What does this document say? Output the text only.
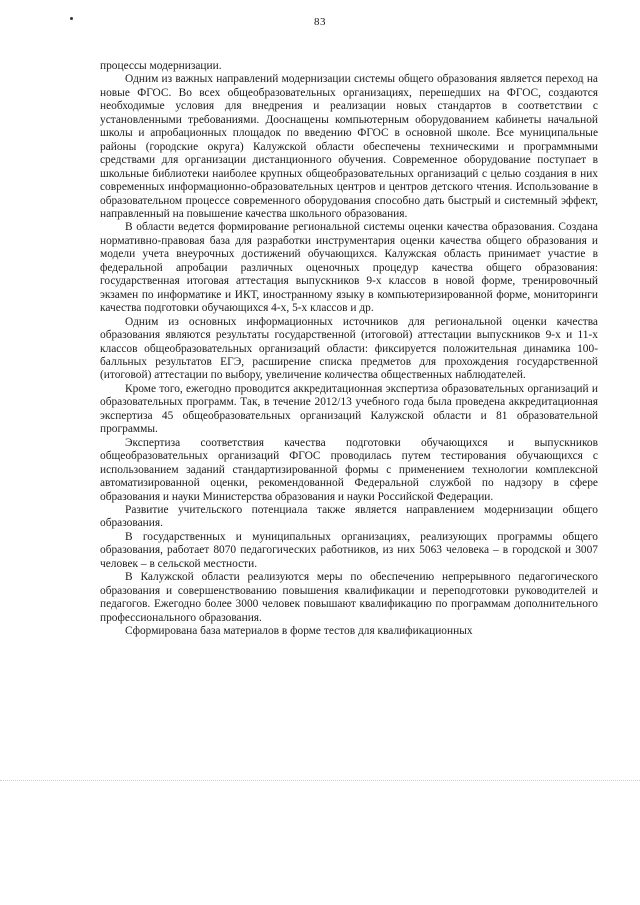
83

процессы модернизации.

Одним из важных направлений модернизации системы общего образования является переход на новые ФГОС. Во всех общеобразовательных организациях, перешедших на ФГОС, создаются необходимые условия для внедрения и реализации новых стандартов в соответствии с установленными требованиями. Дооснащены компьютерным оборудованием кабинеты начальной школы и апробационных площадок по введению ФГОС в основной школе. Все муниципальные районы (городские округа) Калужской области обеспечены техническими и программными средствами для организации дистанционного обучения. Современное оборудование поступает в школьные библиотеки наиболее крупных общеобразовательных организаций с целью создания в них современных информационно-образовательных центров и центров детского чтения. Использование в образовательном процессе современного оборудования способно дать быстрый и системный эффект, направленный на повышение качества школьного образования.

В области ведется формирование региональной системы оценки качества образования. Создана нормативно-правовая база для разработки инструментария оценки качества общего образования и модели учета внеурочных достижений обучающихся. Калужская область принимает участие в федеральной апробации различных оценочных процедур качества общего образования: государственная итоговая аттестация выпускников 9-х классов в новой форме, тренировочный экзамен по информатике и ИКТ, иностранному языку в компьютеризированной форме, мониторинги качества подготовки обучающихся 4-х, 5-х классов и др.

Одним из основных информационных источников для региональной оценки качества образования являются результаты государственной (итоговой) аттестации выпускников 9-х и 11-х классов общеобразовательных организаций области: фиксируется положительная динамика 100-балльных результатов ЕГЭ, расширение списка предметов для прохождения государственной (итоговой) аттестации по выбору, увеличение количества общественных наблюдателей.

Кроме того, ежегодно проводится аккредитационная экспертиза образовательных организаций и образовательных программ. Так, в течение 2012/13 учебного года была проведена аккредитационная экспертиза 45 общеобразовательных организаций Калужской области и 81 образовательной программы.

Экспертиза соответствия качества подготовки обучающихся и выпускников общеобразовательных организаций ФГОС проводилась путем тестирования обучающихся с использованием заданий стандартизированной формы с применением технологии комплексной автоматизированной оценки, рекомендованной Федеральной службой по надзору в сфере образования и науки Министерства образования и науки Российской Федерации.

Развитие учительского потенциала также является направлением модернизации общего образования.

В государственных и муниципальных организациях, реализующих программы общего образования, работает 8070 педагогических работников, из них 5063 человека – в городской и 3007 человек – в сельской местности.

В Калужской области реализуются меры по обеспечению непрерывного педагогического образования и совершенствованию повышения квалификации и переподготовки руководителей и педагогов. Ежегодно более 3000 человек повышают квалификацию по программам дополнительного профессионального образования.

Сформирована база материалов в форме тестов для квалификационных
